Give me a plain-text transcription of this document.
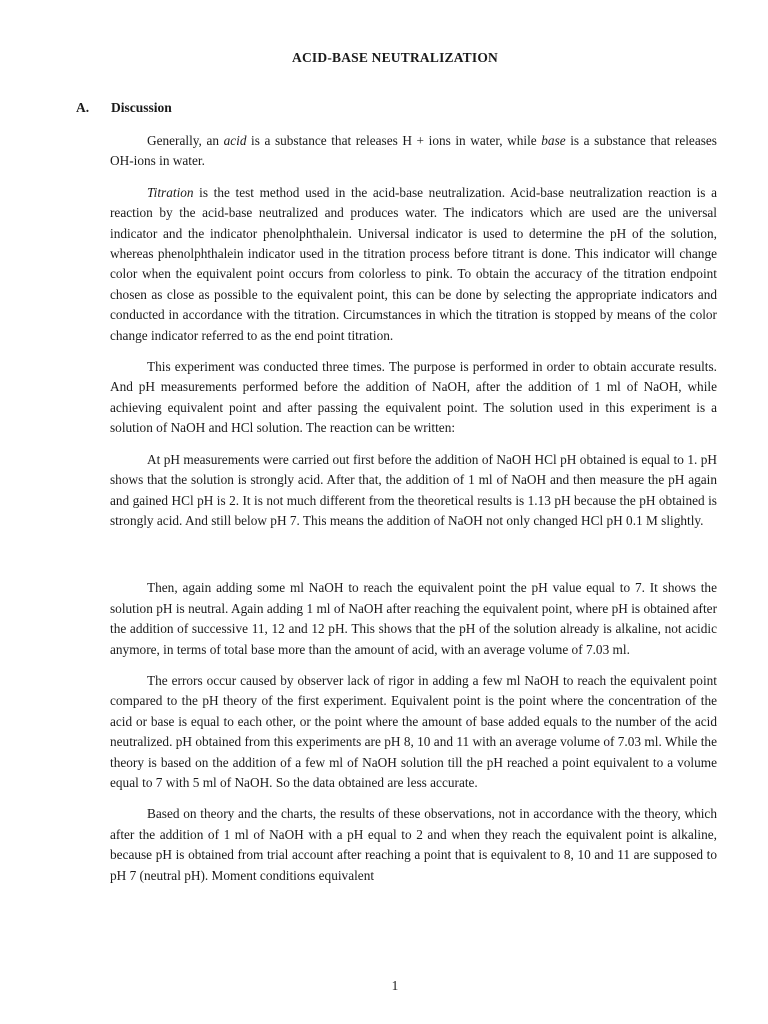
ACID-BASE NEUTRALIZATION
A.	Discussion

Generally, an acid is a substance that releases H + ions in water, while base is a substance that releases OH-ions in water.

Titration is the test method used in the acid-base neutralization. Acid-base neutralization reaction is a reaction by the acid-base neutralized and produces water. The indicators which are used are the universal indicator and the indicator phenolphthalein. Universal indicator is used to determine the pH of the solution, whereas phenolphthalein indicator used in the titration process before titrant is done. This indicator will change color when the equivalent point occurs from colorless to pink. To obtain the accuracy of the titration endpoint chosen as close as possible to the equivalent point, this can be done by selecting the appropriate indicators and conducted in accordance with the titration. Circumstances in which the titration is stopped by means of the color change indicator referred to as the end point titration.

This experiment was conducted three times. The purpose is performed in order to obtain accurate results. And pH measurements performed before the addition of NaOH, after the addition of 1 ml of NaOH, while achieving equivalent point and after passing the equivalent point. The solution used in this experiment is a solution of NaOH and HCl solution. The reaction can be written:

At pH measurements were carried out first before the addition of NaOH HCl pH obtained is equal to 1. pH shows that the solution is strongly acid. After that, the addition of 1 ml of NaOH and then measure the pH again and gained HCl pH is 2. It is not much different from the theoretical results is 1.13 pH because the pH obtained is strongly acid. And still below pH 7. This means the addition of NaOH not only changed HCl pH 0.1 M slightly.

Then, again adding some ml NaOH to reach the equivalent point the pH value equal to 7. It shows the solution pH is neutral. Again adding 1 ml of NaOH after reaching the equivalent point, where pH is obtained after the addition of successive 11, 12 and 12 pH. This shows that the pH of the solution already is alkaline, not acidic anymore, in terms of total base more than the amount of acid, with an average volume of 7.03 ml.

The errors occur caused by observer lack of rigor in adding a few ml NaOH to reach the equivalent point compared to the pH theory of the first experiment. Equivalent point is the point where the concentration of the acid or base is equal to each other, or the point where the amount of base added equals to the number of the acid neutralized. pH obtained from this experiments are pH 8, 10 and 11 with an average volume of 7.03 ml. While the theory is based on the addition of a few ml of NaOH solution till the pH reached a point equivalent to a volume equal to 7 with 5 ml of NaOH. So the data obtained are less accurate.

Based on theory and the charts, the results of these observations, not in accordance with the theory, which after the addition of 1 ml of NaOH with a pH equal to 2 and when they reach the equivalent point is alkaline, because pH is obtained from trial account after reaching a point that is equivalent to 8, 10 and 11 are supposed to pH 7 (neutral pH). Moment conditions equivalent

1
